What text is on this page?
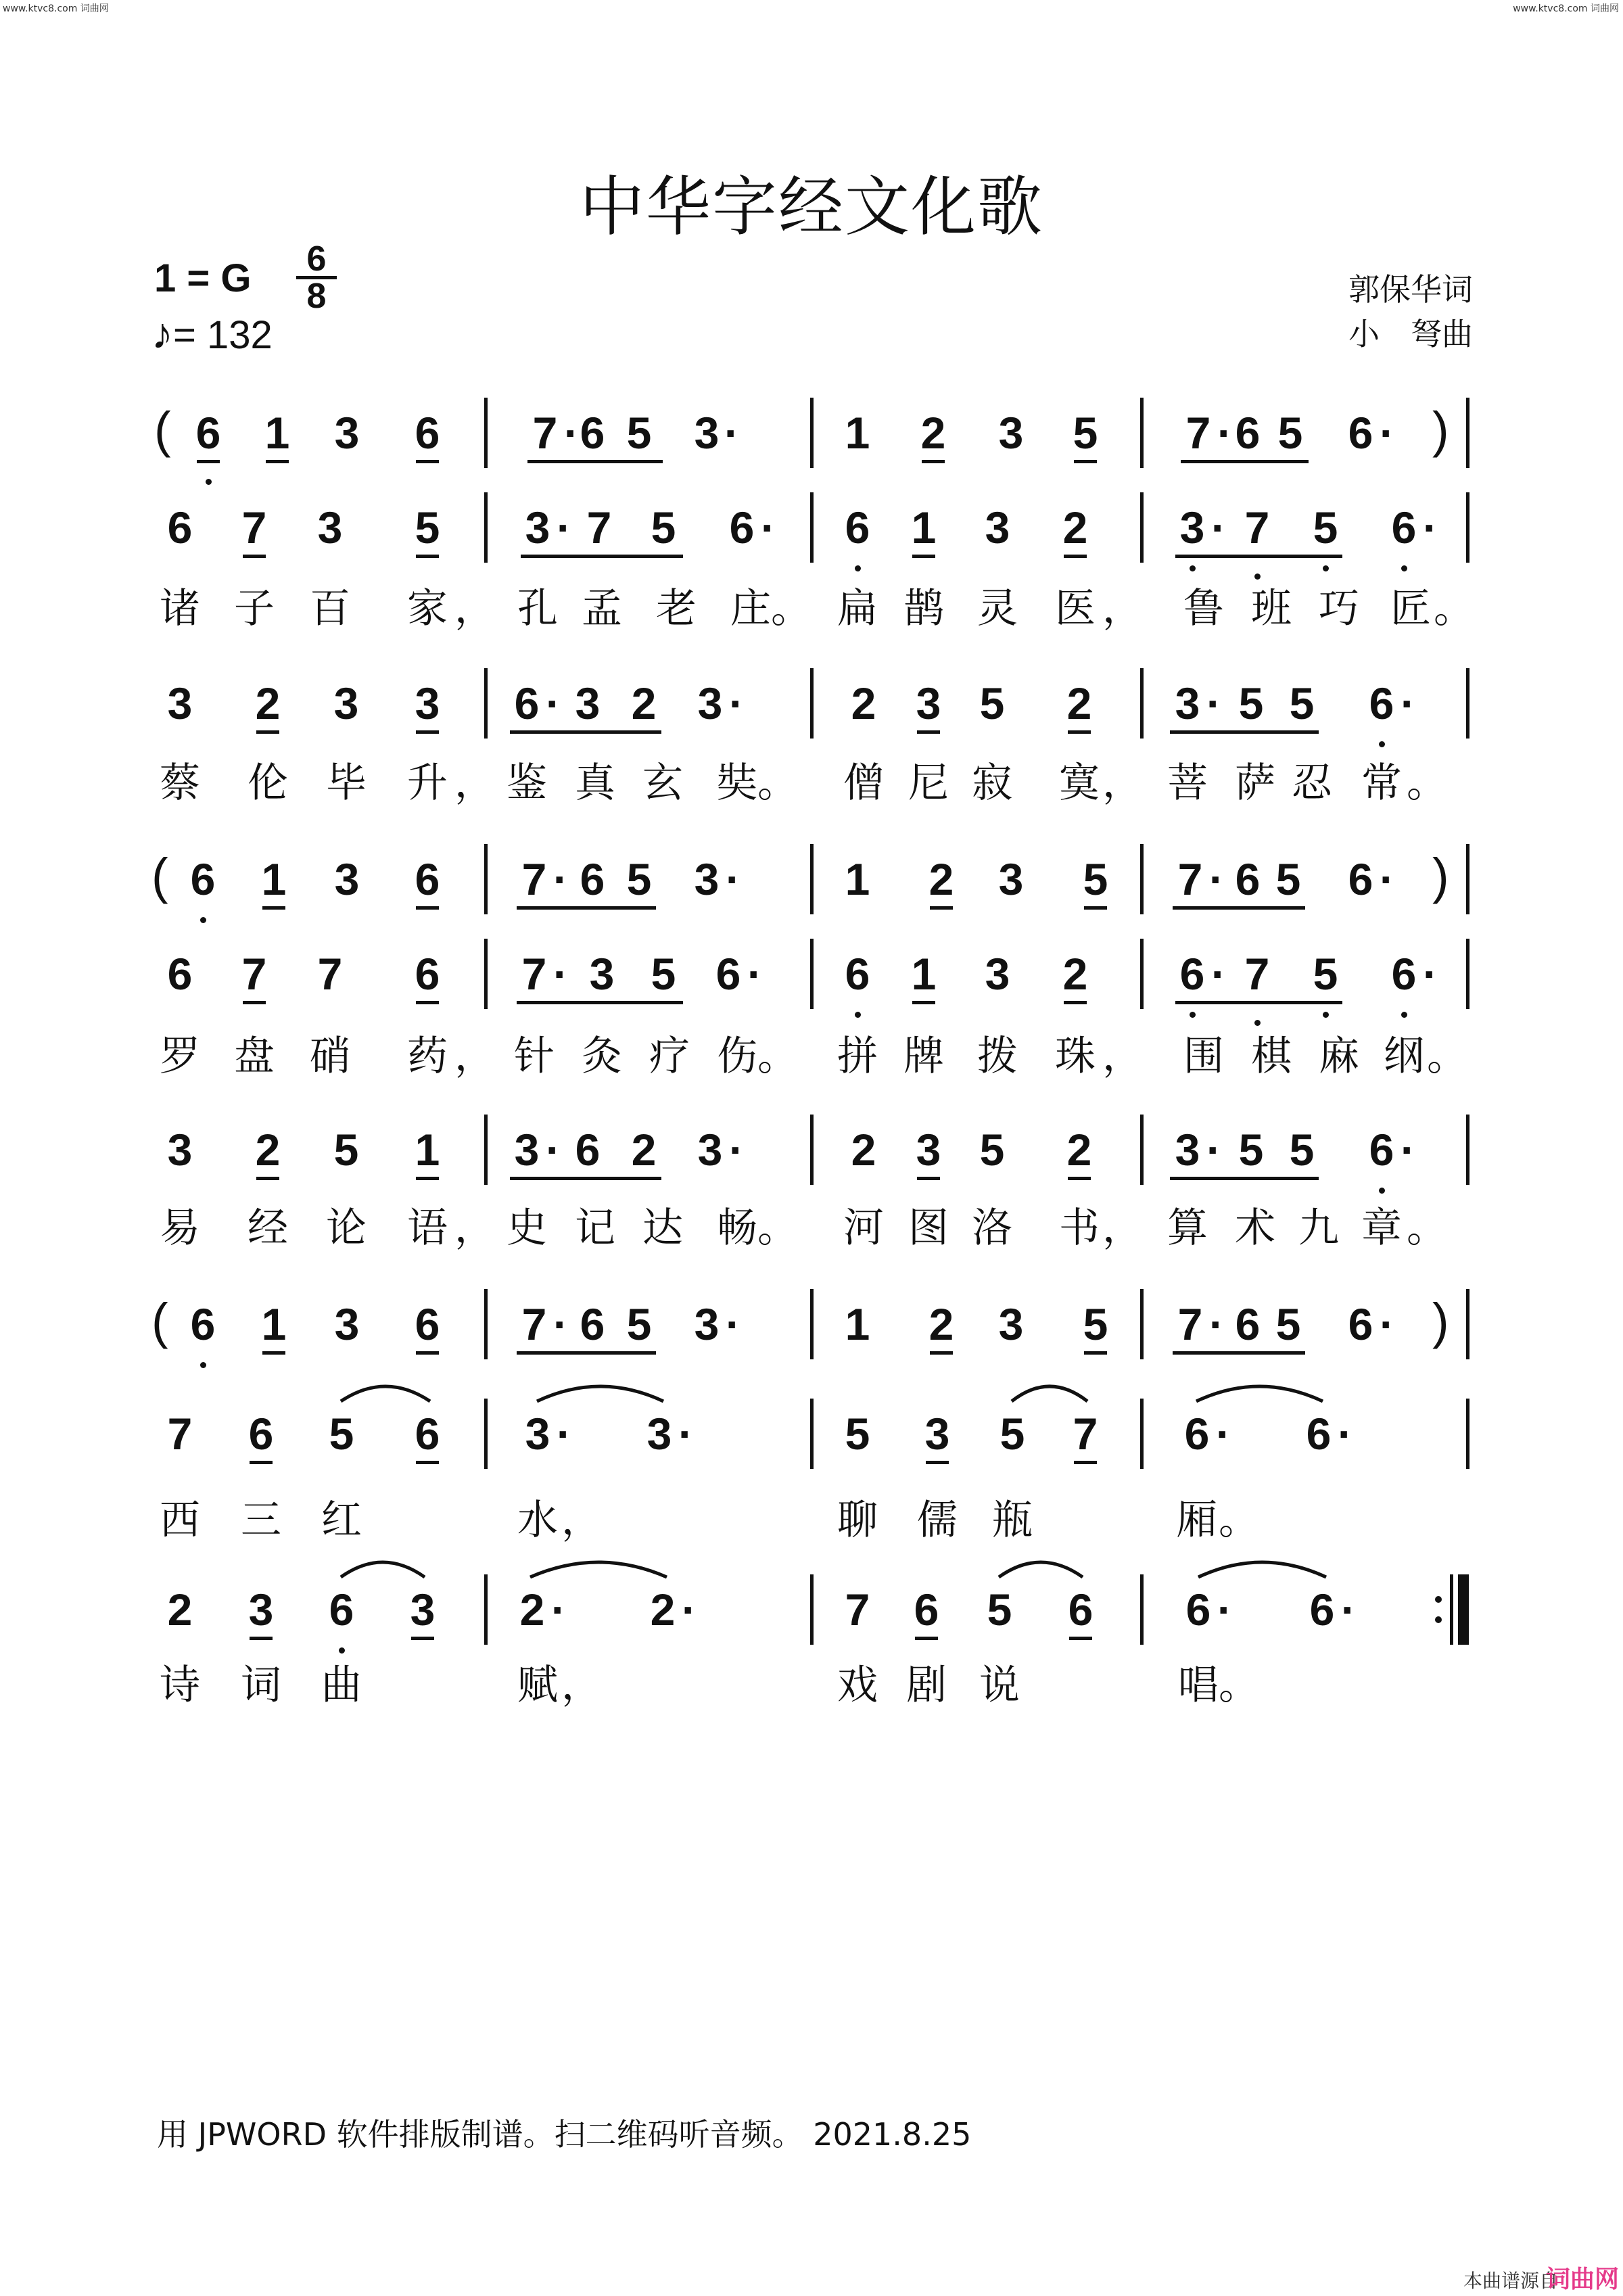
www.ktvc8.com 词曲网	www.ktvc8.com 词曲网
中华字经文化歌
1 = G 6
8
♪= 132
郭保华词
小　弩曲
( 6 1	3	6	7 · 6 5 3 ·	1	2	3	5	7 · 6 5	6 · )
6	7	3	5	3 · 7 5	6 ·	6 1	3	2	3 · 7 5	6 ·
诸 子 百 家 ， 孔 孟 老 庄 。 扁 鹊 灵 医 ， 鲁 班 巧 匠 。
3	2	3	3	6 · 3 2 3 ·	2 3 5	2	3 · 5 5	6 ·
蔡 伦 毕 升 ， 鉴 真 玄 奘 。 僧 尼 寂 寞 ， 菩 萨 忍 常 。
( 6	1	3	6	7 · 6 5 3 ·	1	2	3	5	7 · 6 5	6 · )
6	7	7	6	7 · 3 5 6 ·	6 1	3	2	6 · 7 5	6 ·
罗 盘 硝 药 ， 针 灸 疗 伤 。 拼 牌 拨 珠 ， 围 棋 麻 纲 。
3	2	5	1	3 · 6 2 3 ·	2 3 5	2	3 · 5 5	6 ·
易 经 论 语 ， 史 记 达 畅 。 河 图 洛 书 ， 算 术 九 章 。
( 6	1	3	6	7 · 6 5 3 ·	1	2	3	5	7 · 6 5	6 · )
7	6	5	6	3 ·	3 ·	5	3	5	7	6 ·	6 ·
西 三 红	水 ，	聊 儒 瓶	厢 。
2	3	6	3	2 ·	2 ·	7 6	5	6	6 ·	6 ·
诗 词 曲	赋 ，	戏 剧 说	唱 。
用 JPWORD 软件排版制谱。扫二维码听音频。 2021.8.25
本曲谱源自
词曲网
